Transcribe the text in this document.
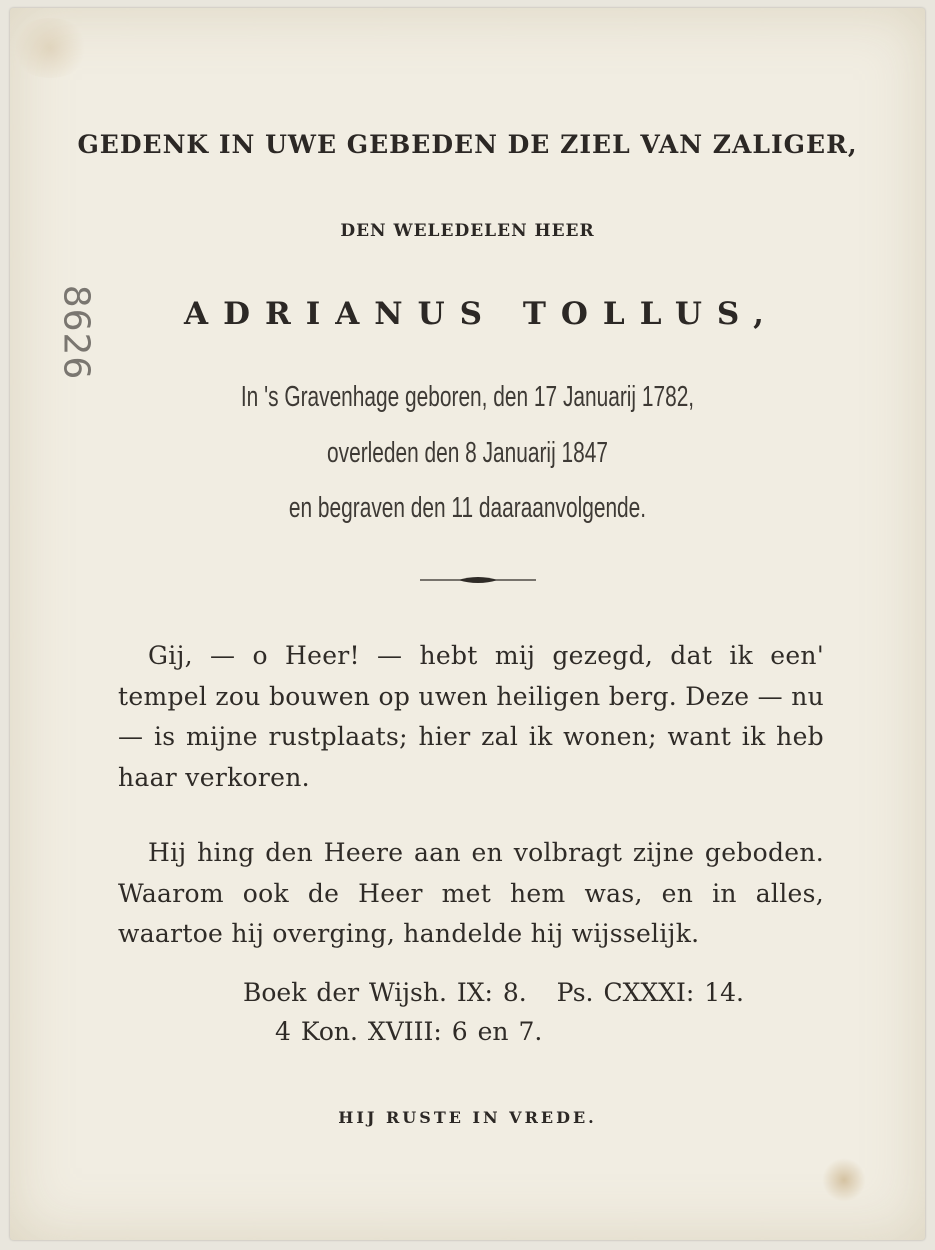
8626
GEDENK IN UWE GEBEDEN DE ZIEL VAN ZALIGER,
DEN WELEDELEN HEER
ADRIANUS TOLLUS,
In 's Gravenhage geboren, den 17 Januarij 1782,
overleden den 8 Januarij 1847
en begraven den 11 daaraanvolgende.
Gij, — o Heer! — hebt mij gezegd, dat ik een' tempel zou bouwen op uwen heiligen berg. Deze — nu — is mijne rustplaats; hier zal ik wonen; want ik heb haar verkoren.
Hij hing den Heere aan en volbragt zijne geboden. Waarom ook de Heer met hem was, en in alles, waartoe hij overging, handelde hij wijsselijk.
Boek der Wijsh. IX: 8.   Ps. CXXXI: 14.
4 Kon. XVIII: 6 en 7.
HIJ RUSTE IN VREDE.
